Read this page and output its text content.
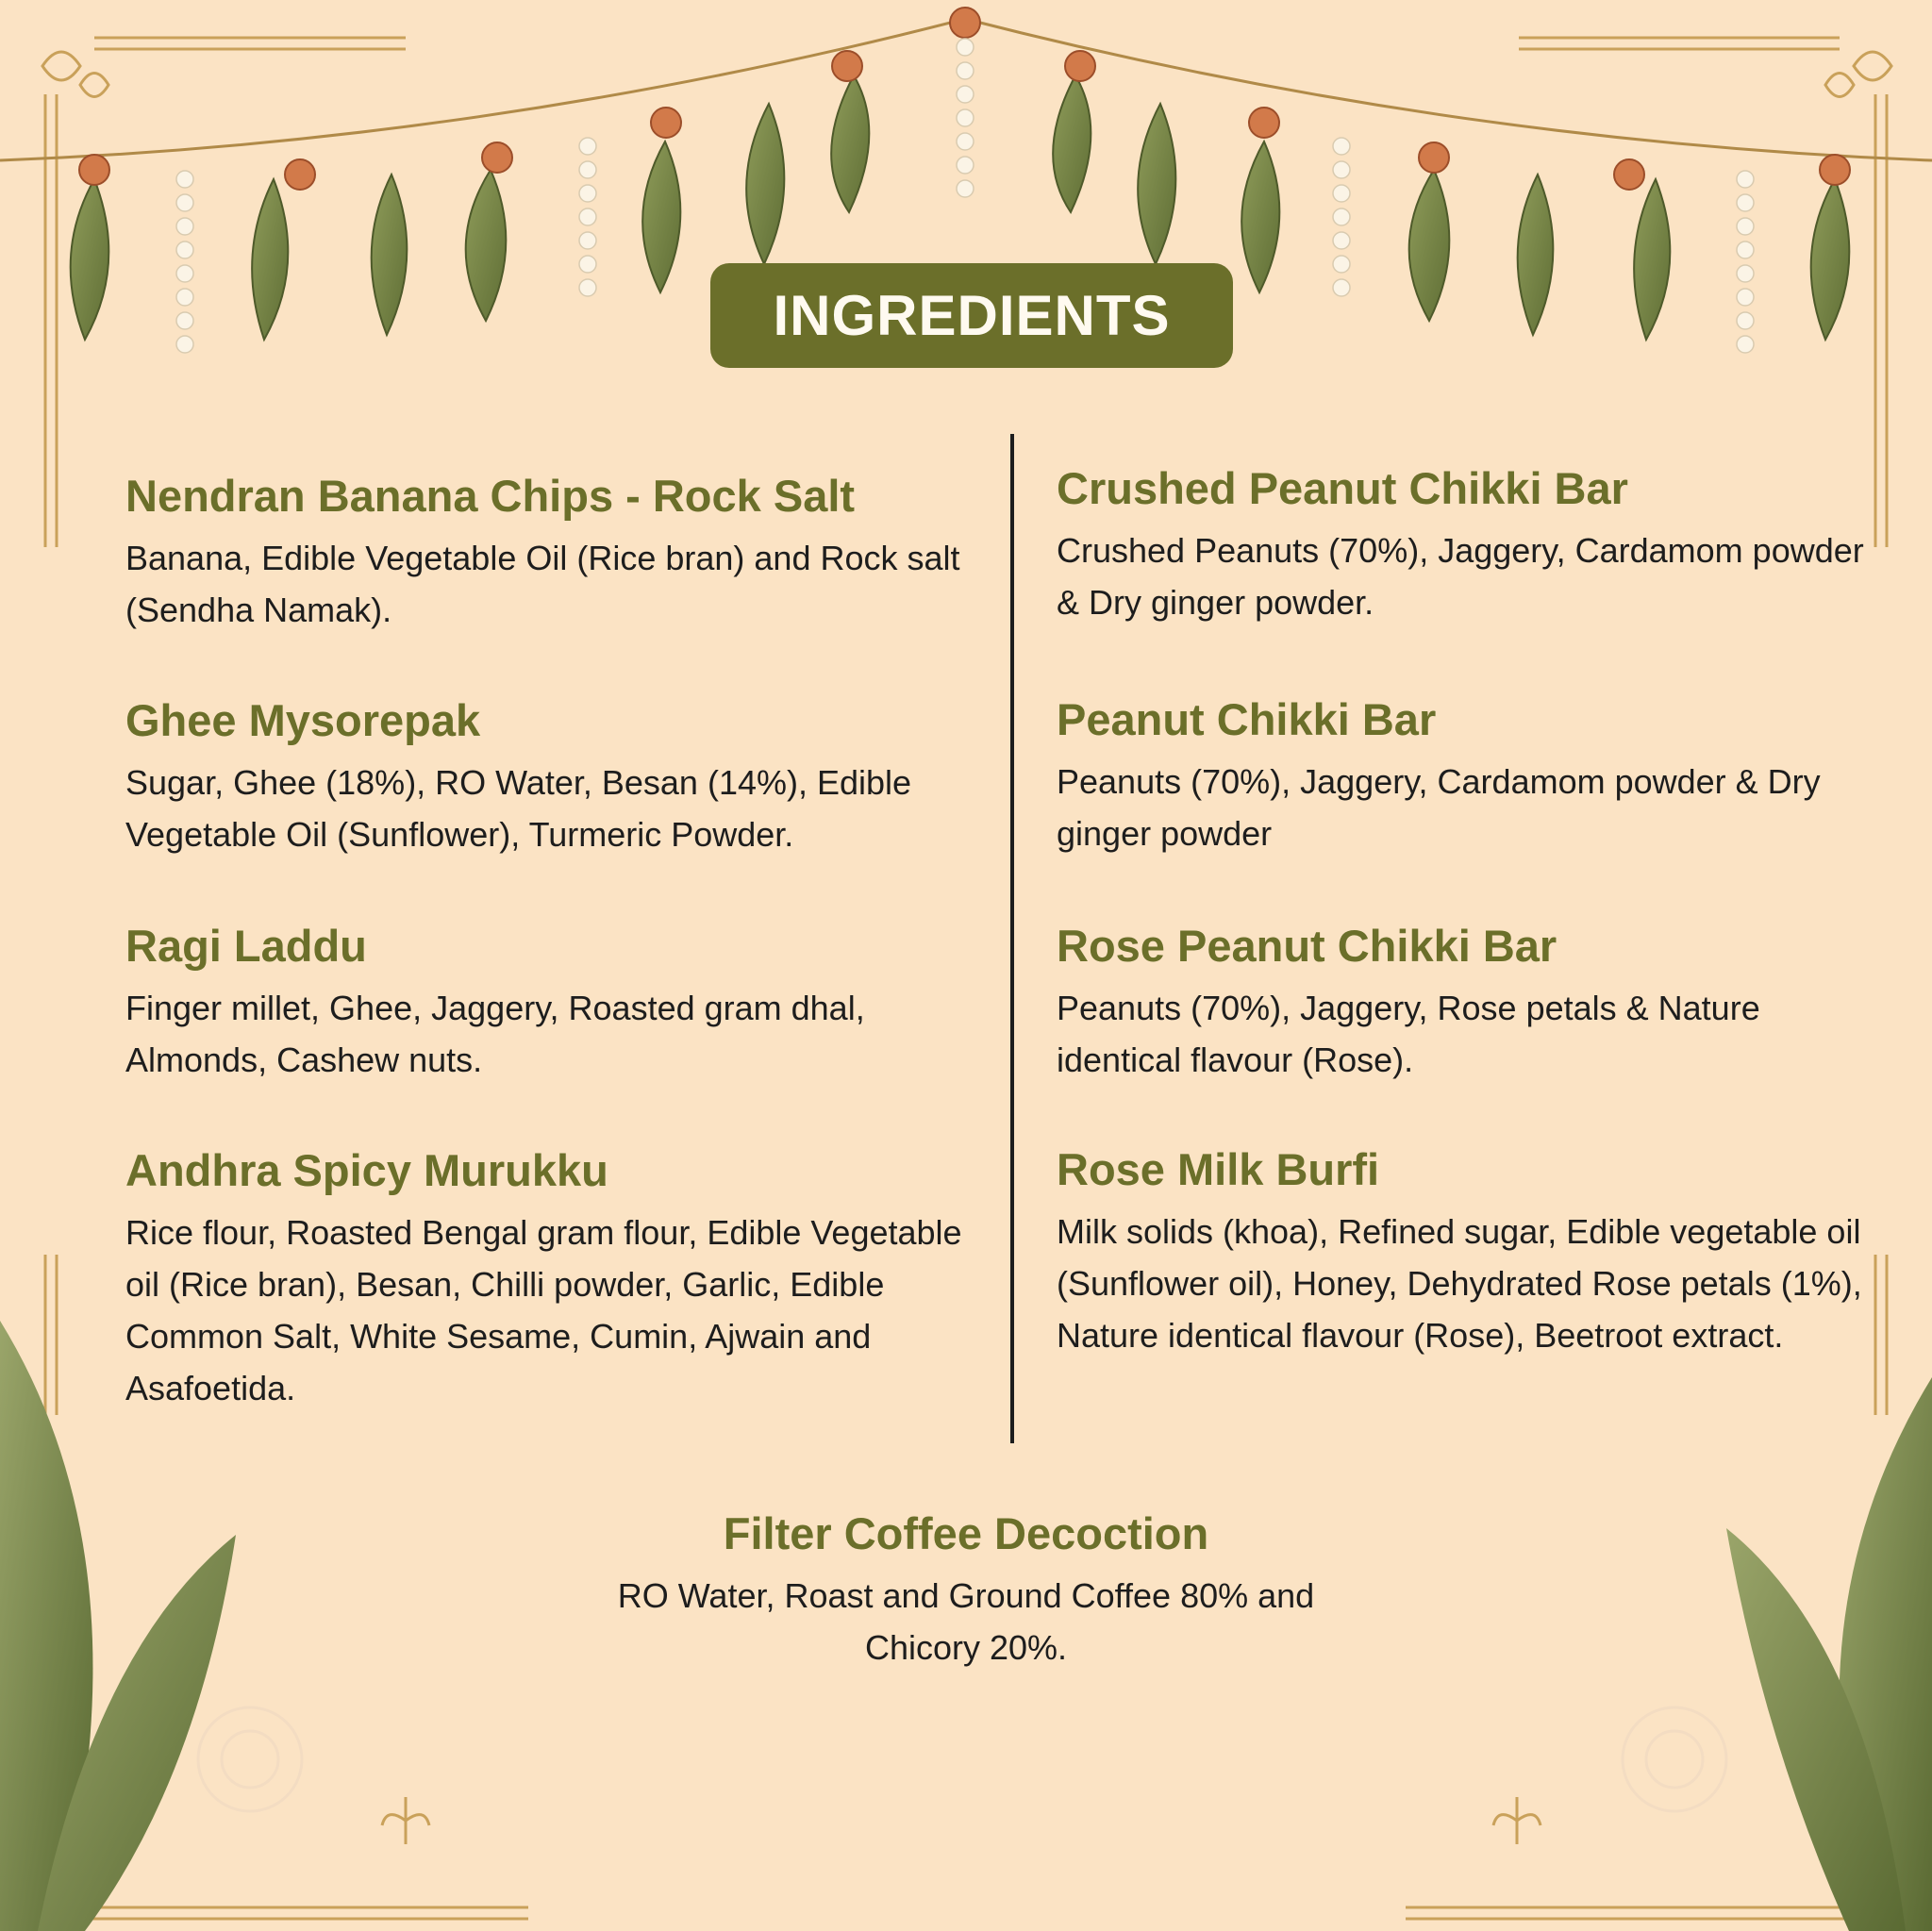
INGREDIENTS
Nendran Banana Chips - Rock Salt

Banana, Edible Vegetable Oil (Rice bran) and Rock salt (Sendha Namak).

Ghee Mysorepak

Sugar, Ghee (18%), RO Water, Besan (14%), Edible Vegetable Oil (Sunflower), Turmeric Powder.

Ragi Laddu

Finger millet, Ghee, Jaggery, Roasted gram dhal, Almonds, Cashew nuts.

Andhra Spicy Murukku

Rice flour, Roasted Bengal gram flour, Edible Vegetable oil (Rice bran), Besan, Chilli powder, Garlic, Edible Common Salt, White Sesame, Cumin, Ajwain and Asafoetida.

Crushed Peanut Chikki Bar

Crushed Peanuts (70%), Jaggery, Cardamom powder & Dry ginger powder.

Peanut Chikki Bar

Peanuts (70%), Jaggery, Cardamom powder & Dry ginger powder

Rose Peanut Chikki Bar

Peanuts (70%), Jaggery, Rose petals & Nature identical flavour (Rose).

Rose Milk Burfi

Milk solids (khoa), Refined sugar, Edible vegetable oil (Sunflower oil), Honey, Dehydrated Rose petals (1%), Nature identical flavour (Rose), Beetroot extract.

Filter Coffee Decoction

RO Water, Roast and Ground Coffee 80% and Chicory 20%.
